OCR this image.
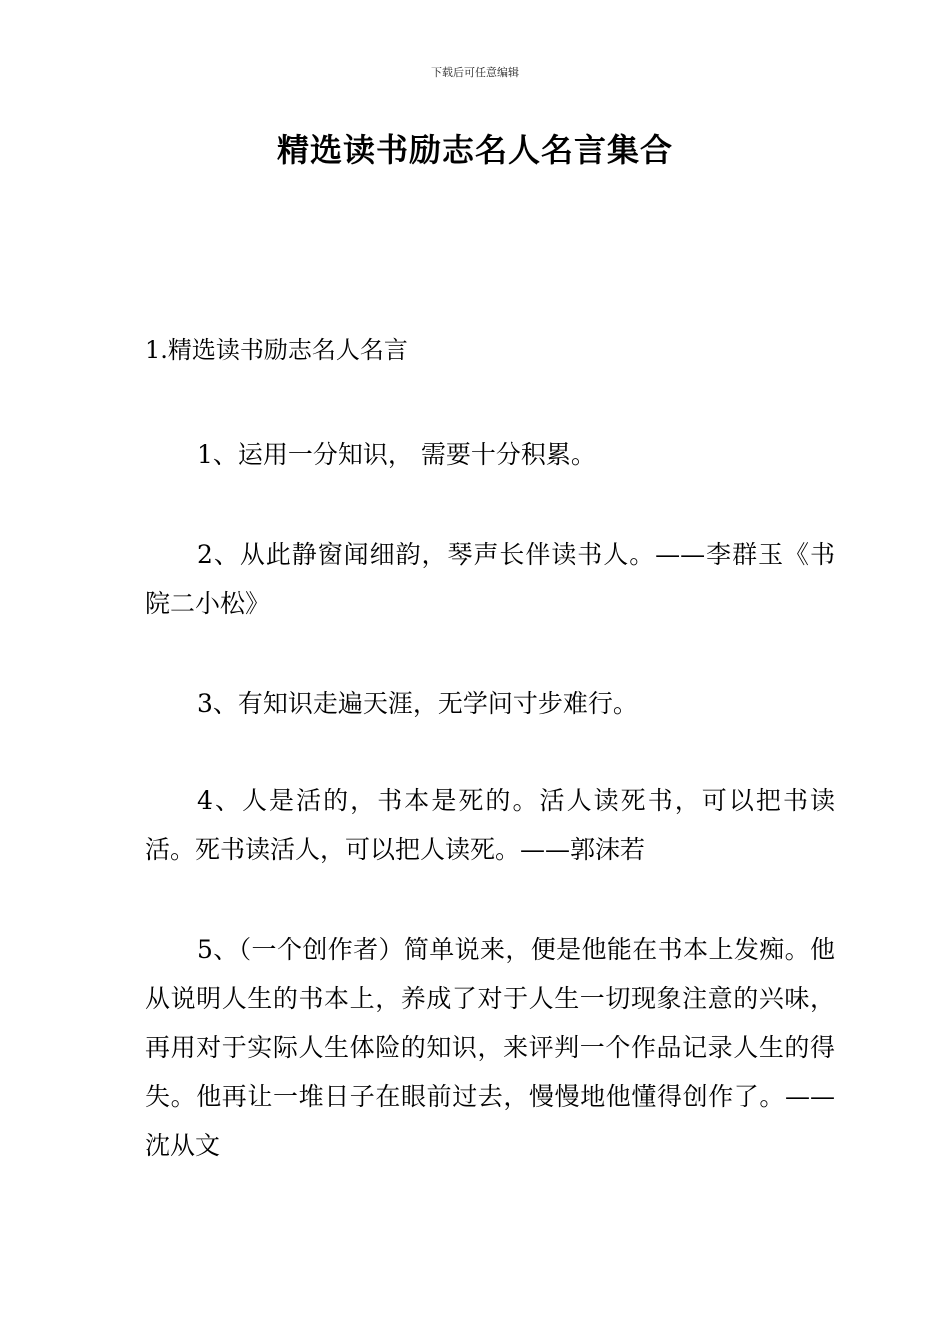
下载后可任意编辑
精选读书励志名人名言集合
1.精选读书励志名人名言

1、运用一分知识， 需要十分积累。

2、从此静窗闻细韵，琴声长伴读书人。——李群玉《书院二小松》

3、有知识走遍天涯，无学问寸步难行。

4、人是活的，书本是死的。活人读死书，可以把书读活。死书读活人，可以把人读死。——郭沫若

5、（一个创作者）简单说来，便是他能在书本上发痴。他从说明人生的书本上，养成了对于人生一切现象注意的兴味，再用对于实际人生体险的知识，来评判一个作品记录人生的得失。他再让一堆日子在眼前过去，慢慢地他懂得创作了。——沈从文
